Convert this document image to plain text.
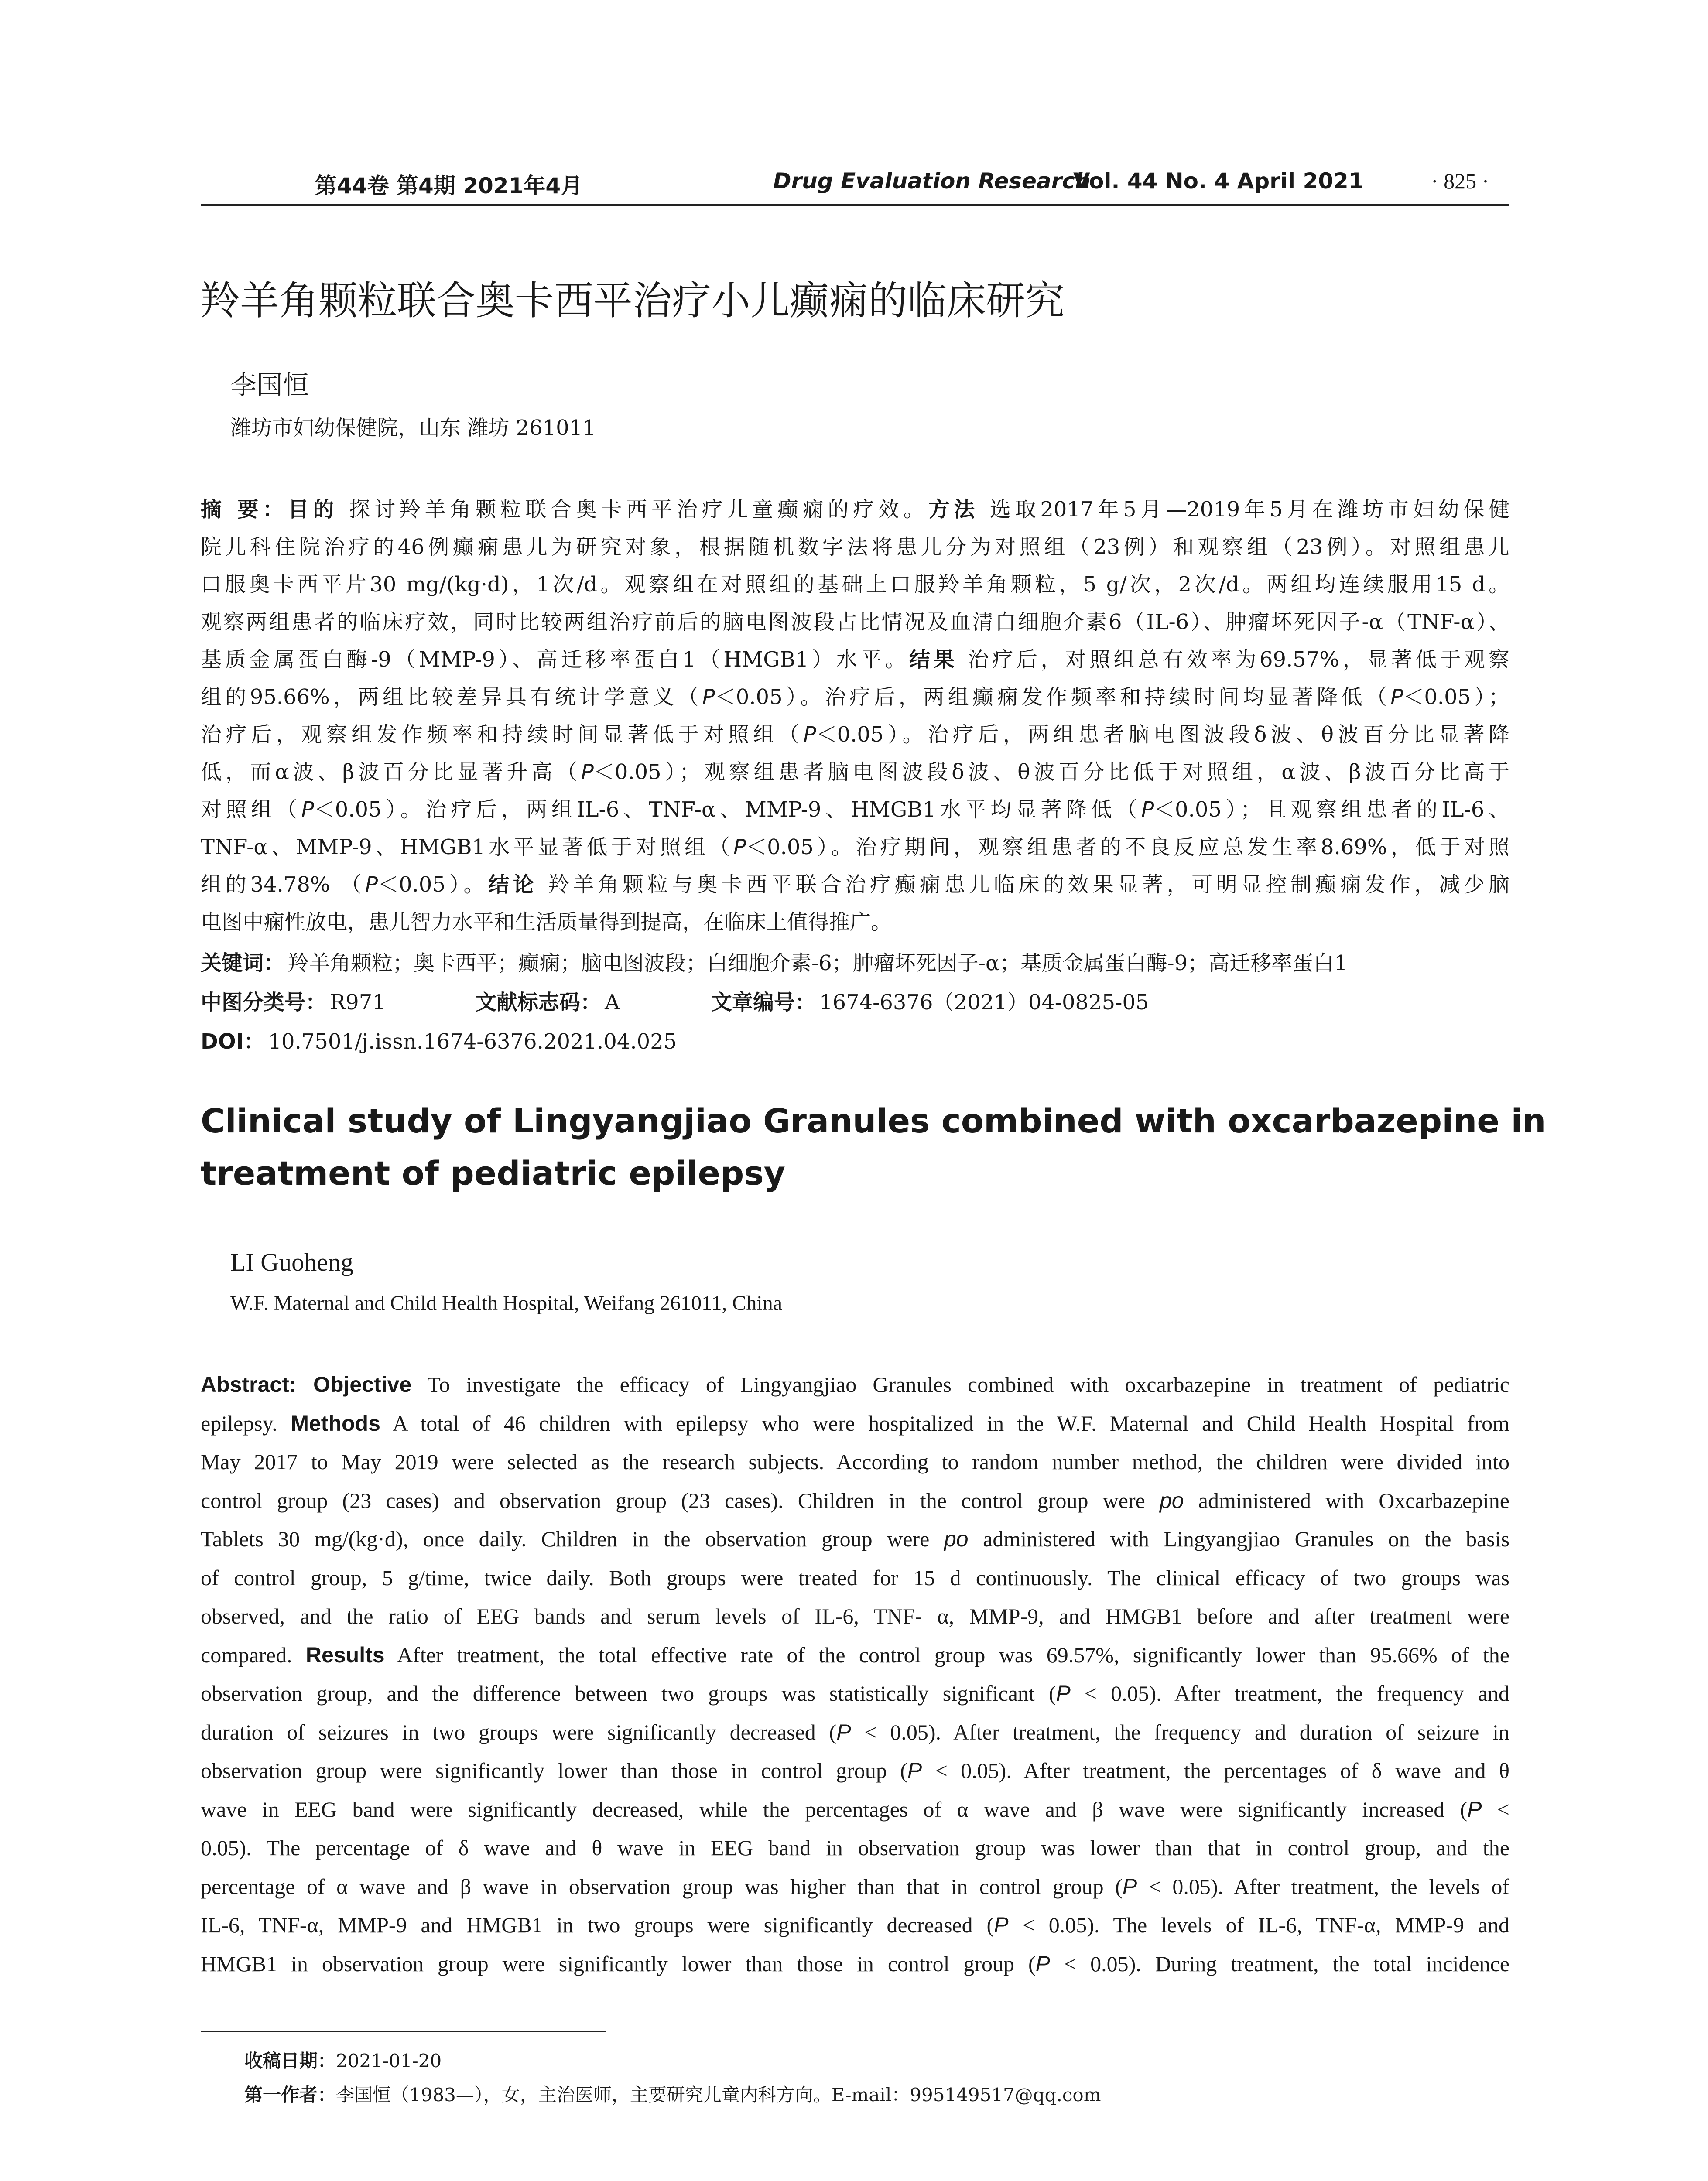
第44卷 第4期 2021年4月	Drug Evaluation Research
Vol. 44 No. 4 April 2021	· 825 ·
羚羊角颗粒联合奥卡西平治疗小儿癫痫的临床研究
李国恒
潍坊市妇幼保健院，山东 潍坊 261011
摘 要：目的 探讨羚羊角颗粒联合奥卡西平治疗儿童癫痫的疗效。方法 选取2017年5月—2019年5月在潍坊市妇幼保健
院儿科住院治疗的46例癫痫患儿为研究对象，根据随机数字法将患儿分为对照组（23例）和观察组（23例）。对照组患儿
口服奥卡西平片30 mg/(kg·d)，1次/d。观察组在对照组的基础上口服羚羊角颗粒，5 g/次，2次/d。两组均连续服用15 d。
观察两组患者的临床疗效，同时比较两组治疗前后的脑电图波段占比情况及血清白细胞介素6（IL-6）、肿瘤坏死因子-α（TNF-α）、
基质金属蛋白酶-9（MMP-9）、高迁移率蛋白1（HMGB1）水平。结果 治疗后，对照组总有效率为69.57%，显著低于观察
组的95.66%，两组比较差异具有统计学意义（P＜0.05）。治疗后，两组癫痫发作频率和持续时间均显著降低（P＜0.05）；
治疗后，观察组发作频率和持续时间显著低于对照组（P＜0.05）。治疗后，两组患者脑电图波段δ波、θ波百分比显著降
低，而α波、β波百分比显著升高（P＜0.05）；观察组患者脑电图波段δ波、θ波百分比低于对照组，α波、β波百分比高于
对照组（P＜0.05）。治疗后，两组IL-6、TNF-α、MMP-9、HMGB1水平均显著降低（P＜0.05）；且观察组患者的IL-6、
TNF-α、MMP-9、HMGB1水平显著低于对照组（P＜0.05）。治疗期间，观察组患者的不良反应总发生率8.69%，低于对照
组的34.78% （P＜0.05）。结论 羚羊角颗粒与奥卡西平联合治疗癫痫患儿临床的效果显著，可明显控制癫痫发作，减少脑
电图中痫性放电，患儿智力水平和生活质量得到提高，在临床上值得推广。
关键词： 羚羊角颗粒；奥卡西平；癫痫；脑电图波段；白细胞介素-6；肿瘤坏死因子-α；基质金属蛋白酶-9；高迁移率蛋白1
中图分类号： R971	文献标志码： A	文章编号： 1674-6376（2021）04-0825-05
DOI： 10.7501/j.issn.1674-6376.2021.04.025
Clinical study of Lingyangjiao Granules combined with oxcarbazepine in
treatment of pediatric epilepsy
LI Guoheng
W.F. Maternal and Child Health Hospital, Weifang 261011, China
Abstract: Objective To investigate the efficacy of Lingyangjiao Granules combined with oxcarbazepine in treatment of pediatric
epilepsy. Methods A total of 46 children with epilepsy who were hospitalized in the W.F. Maternal and Child Health Hospital from
May 2017 to May 2019 were selected as the research subjects. According to random number method, the children were divided into
control group (23 cases) and observation group (23 cases). Children in the control group were po administered with Oxcarbazepine
Tablets 30 mg/(kg·d), once daily. Children in the observation group were po administered with Lingyangjiao Granules on the basis
of control group, 5 g/time, twice daily. Both groups were treated for 15 d continuously. The clinical efficacy of two groups was
observed, and the ratio of EEG bands and serum levels of IL-6, TNF- α, MMP-9, and HMGB1 before and after treatment were
compared. Results After treatment, the total effective rate of the control group was 69.57%, significantly lower than 95.66% of the
observation group, and the difference between two groups was statistically significant (P < 0.05). After treatment, the frequency and
duration of seizures in two groups were significantly decreased (P < 0.05). After treatment, the frequency and duration of seizure in
observation group were significantly lower than those in control group (P < 0.05). After treatment, the percentages of δ wave and θ
wave in EEG band were significantly decreased, while the percentages of α wave and β wave were significantly increased (P <
0.05). The percentage of δ wave and θ wave in EEG band in observation group was lower than that in control group, and the
percentage of α wave and β wave in observation group was higher than that in control group (P < 0.05). After treatment, the levels of
IL-6, TNF-α, MMP-9 and HMGB1 in two groups were significantly decreased (P < 0.05). The levels of IL-6, TNF-α, MMP-9 and
HMGB1 in observation group were significantly lower than those in control group (P < 0.05). During treatment, the total incidence
收稿日期：2021-01-20
第一作者：李国恒（1983—），女，主治医师，主要研究儿童内科方向。E-mail：995149517@qq.com
